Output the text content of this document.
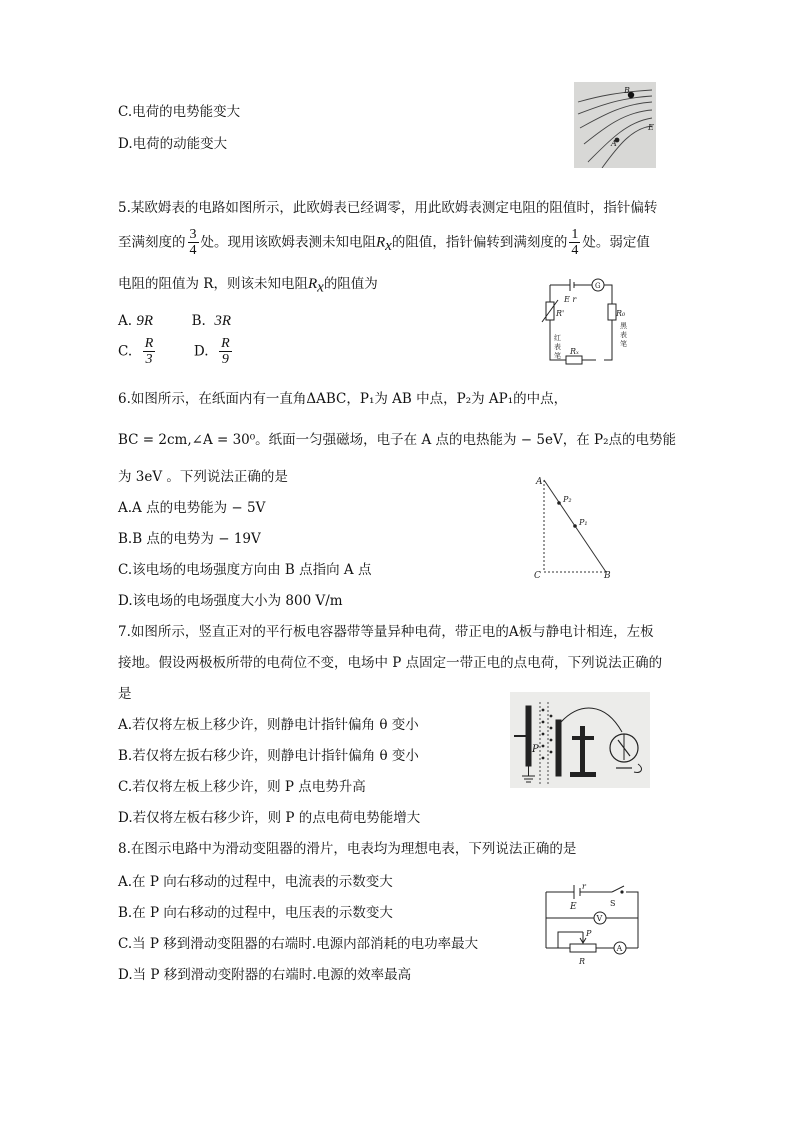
C.电荷的电势能变大
D.电荷的动能变大
B
A
E
5.某欧姆表的电路如图所示，此欧姆表已经调零，用此欧姆表测定电阻的阻值时，指针偏转
至满刻度的 $\frac{3}{4}$ 处。现用该欧姆表测未知电阻$R_x$的阻值，指针偏转到满刻度的 $\frac{1}{4}$ 处。弱定值
电阻的阻值为 R，则该未知电阻$R_x$的阻值为
A. 9R	B. 3R
C. $\frac{R}{3}$	D. $\frac{R}{9}$
E r
G
R₀
R'
Rₓ
黑表笔
红表笔
6.如图所示，在纸面内有一直角ΔABC，P₁为 AB 中点，P₂为 AP₁的中点，
BC = 2cm,∠A = 30⁰。纸面一匀强磁场，电子在 A 点的电热能为 − 5eV，在 P₂点的电势能
为 3eV 。下列说法正确的是
A.A 点的电势能为 − 5V
B.B 点的电势为 − 19V
C.该电场的电场强度方向由 B 点指向 A 点
D.该电场的电场强度大小为 800 V/m
A
C	B
P₂
P₁
7.如图所示，竖直正对的平行板电容器带等量异种电荷，带正电的A板与静电计相连，左板
接地。假设两极板所带的电荷位不变，电场中 P 点固定一带正电的点电荷，下列说法正确的
是
A.若仅将左板上移少许，则静电计指针偏角 θ 变小
B.若仅将左扳右移少许，则静电计指针偏角 θ 变小
C.若仅将左板上移少许，则 P 点电势升高
D.若仅将左板右移少许，则 P 的点电荷电势能增大
P
8.在图示电路中为滑动变阻器的滑片，电表均为理想电表，下列说法正确的是
A.在 P 向右移动的过程中，电流表的示数变大
B.在 P 向右移动的过程中，电压表的示数变大
C.当 P 移到滑动变阻器的右端时.电源内部消耗的电功率最大
D.当 P 移到滑动变附器的右端时.电源的效率最高
E
r
S
V
A
P
R
